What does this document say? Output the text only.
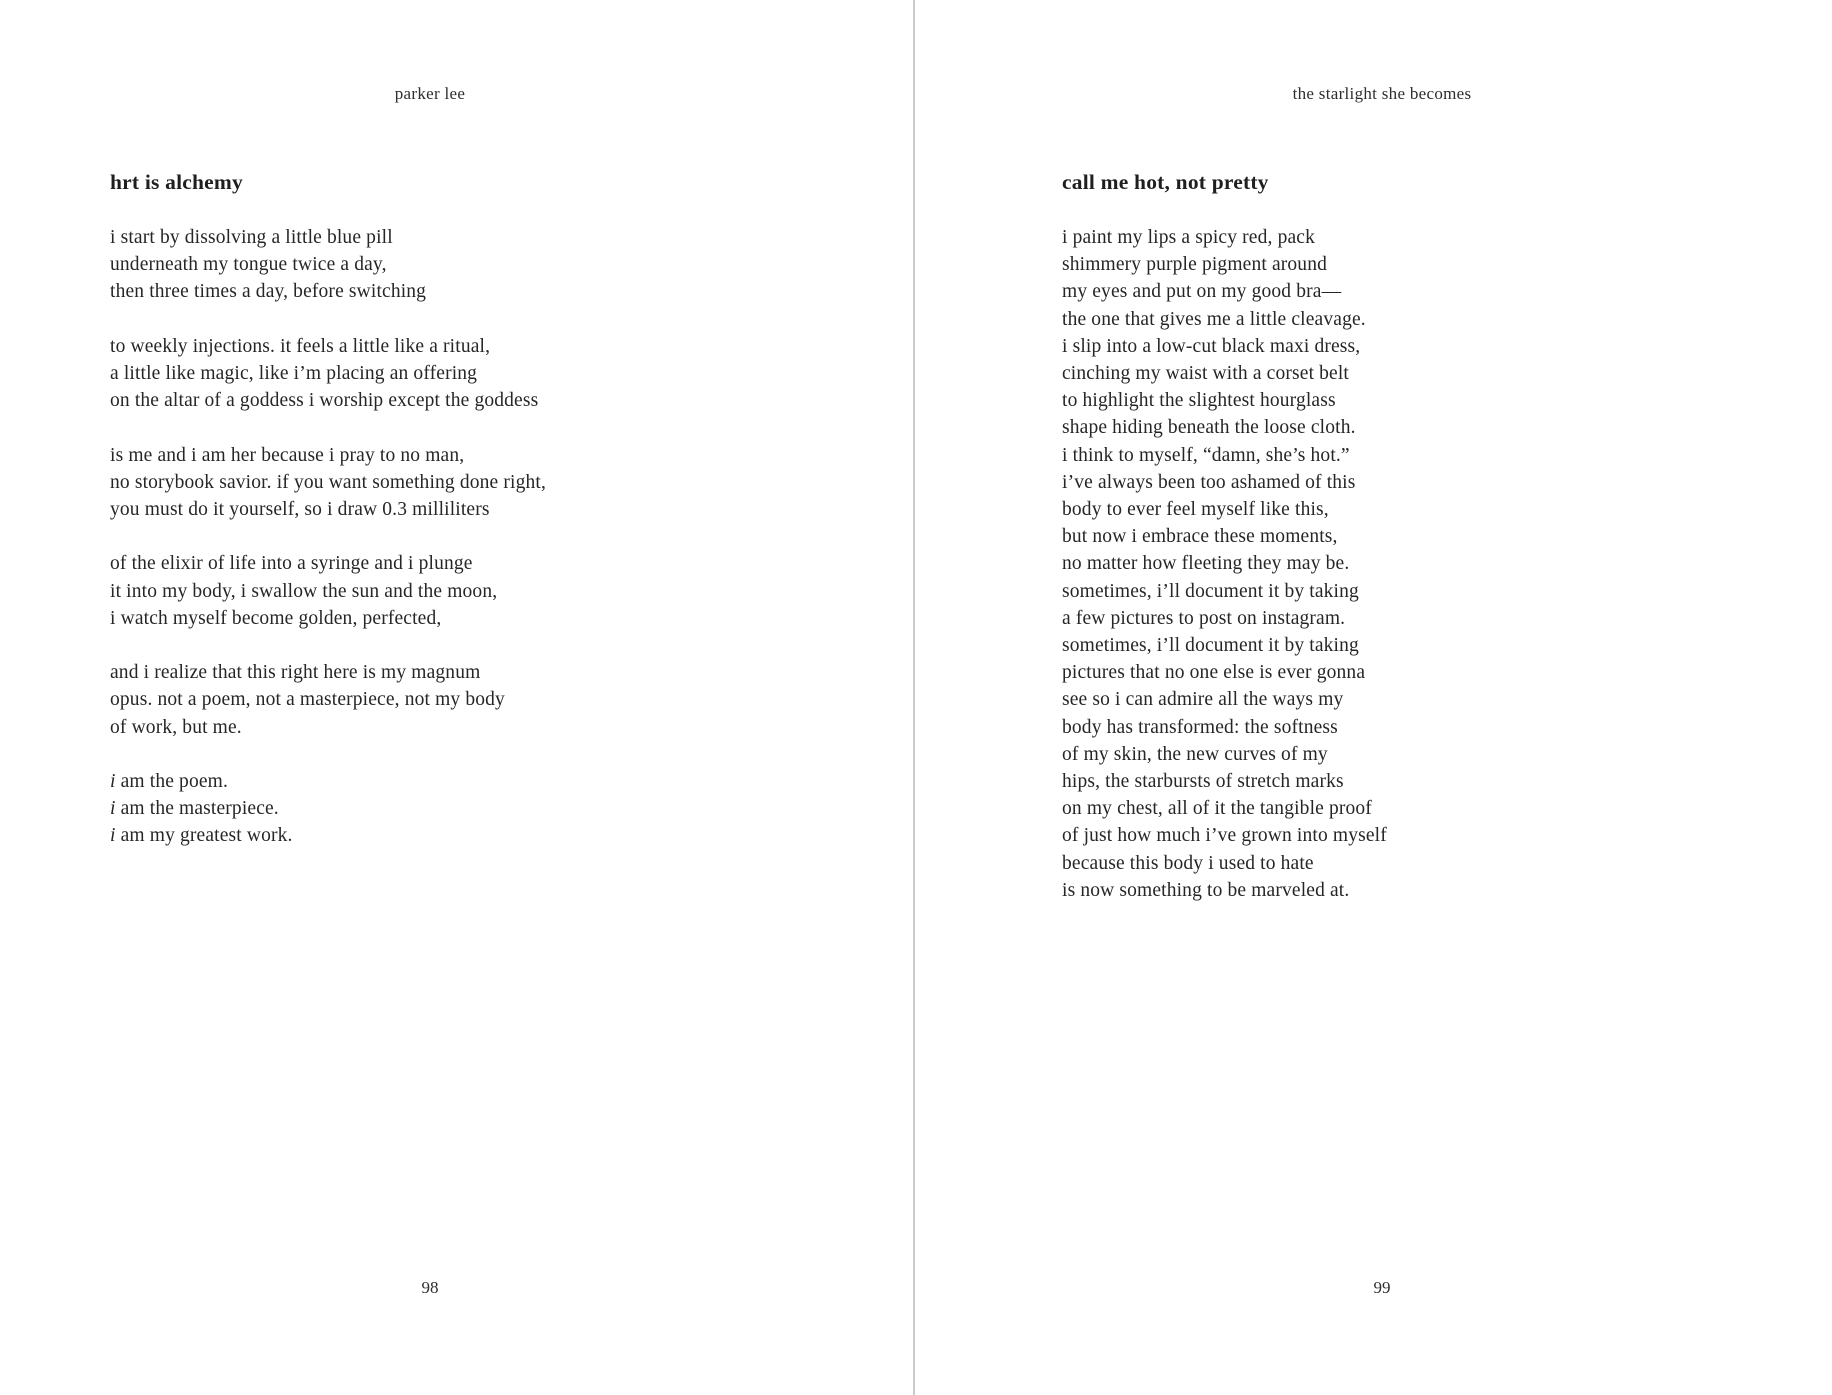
parker lee
hrt is alchemy

i start by dissolving a little blue pill

underneath my tongue twice a day,

then three times a day, before switching

to weekly injections. it feels a little like a ritual,

a little like magic, like i’m placing an offering

on the altar of a goddess i worship except the goddess

is me and i am her because i pray to no man,

no storybook savior. if you want something done right,

you must do it yourself, so i draw 0.3 milliliters

of the elixir of life into a syringe and i plunge

it into my body, i swallow the sun and the moon,

i watch myself become golden, perfected,

and i realize that this right here is my magnum

opus. not a poem, not a masterpiece, not my body

of work, but me.

i am the poem.

i am the masterpiece.

i am my greatest work.

98
the starlight she becomes
call me hot, not pretty

i paint my lips a spicy red, pack

shimmery purple pigment around

my eyes and put on my good bra—

the one that gives me a little cleavage.

i slip into a low-cut black maxi dress,

cinching my waist with a corset belt

to highlight the slightest hourglass

shape hiding beneath the loose cloth.

i think to myself, “damn, she’s hot.”

i’ve always been too ashamed of this

body to ever feel myself like this,

but now i embrace these moments,

no matter how fleeting they may be.

sometimes, i’ll document it by taking

a few pictures to post on instagram.

sometimes, i’ll document it by taking

pictures that no one else is ever gonna

see so i can admire all the ways my

body has transformed: the softness

of my skin, the new curves of my

hips, the starbursts of stretch marks

on my chest, all of it the tangible proof

of just how much i’ve grown into myself

because this body i used to hate

is now something to be marveled at.

99
